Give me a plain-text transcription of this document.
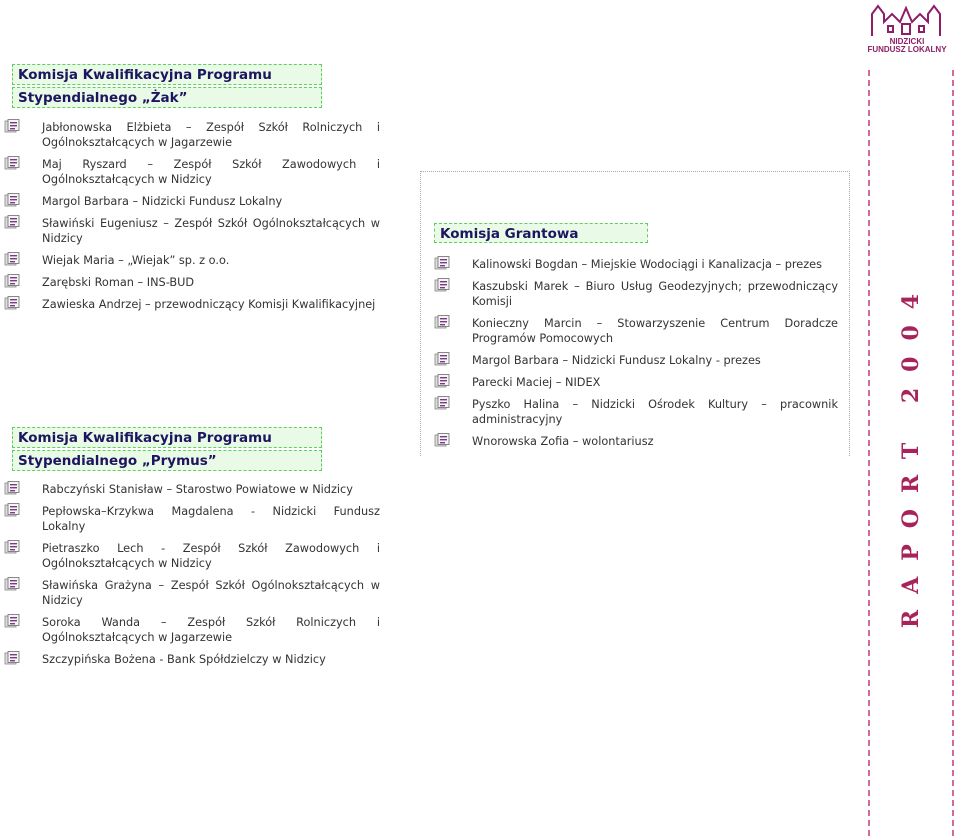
NIDZICKI
FUNDUSZ LOKALNY
Komisja Kwalifikacyjna Programu
Stypendialnego „Żak”
Jabłonowska Elżbieta – Zespół Szkół Rolniczych i
Ogólnokształcących w Jagarzewie
Maj Ryszard – Zespół Szkół Zawodowych i
Ogólnokształcących w Nidzicy
Margol Barbara – Nidzicki Fundusz Lokalny
Sławiński Eugeniusz – Zespół Szkół Ogólnokształcących w
Nidzicy
Wiejak Maria – „Wiejak” sp. z o.o.
Zarębski Roman – INS-BUD
Zawieska Andrzej – przewodniczący Komisji Kwalifikacyjnej
Komisja Kwalifikacyjna Programu
Stypendialnego „Prymus”
Rabczyński Stanisław – Starostwo Powiatowe w Nidzicy
Pepłowska–Krzykwa Magdalena - Nidzicki Fundusz
Lokalny
Pietraszko Lech - Zespół Szkół Zawodowych i
Ogólnokształcących w Nidzicy
Sławińska Grażyna – Zespół Szkół Ogólnokształcących w
Nidzicy
Soroka Wanda – Zespół Szkół Rolniczych i
Ogólnokształcących w Jagarzewie
Szczypińska Bożena - Bank Spółdzielczy w Nidzicy
Komisja Grantowa
Kalinowski Bogdan – Miejskie Wodociągi i Kanalizacja – prezes
Kaszubski Marek – Biuro Usług Geodezyjnych; przewodniczący
Komisji
Konieczny Marcin – Stowarzyszenie Centrum Doradcze
Programów Pomocowych
Margol Barbara – Nidzicki Fundusz Lokalny - prezes
Parecki Maciej – NIDEX
Pyszko Halina – Nidzicki Ośrodek Kultury – pracownik
administracyjny
Wnorowska Zofia – wolontariusz	RAPORT 2004
